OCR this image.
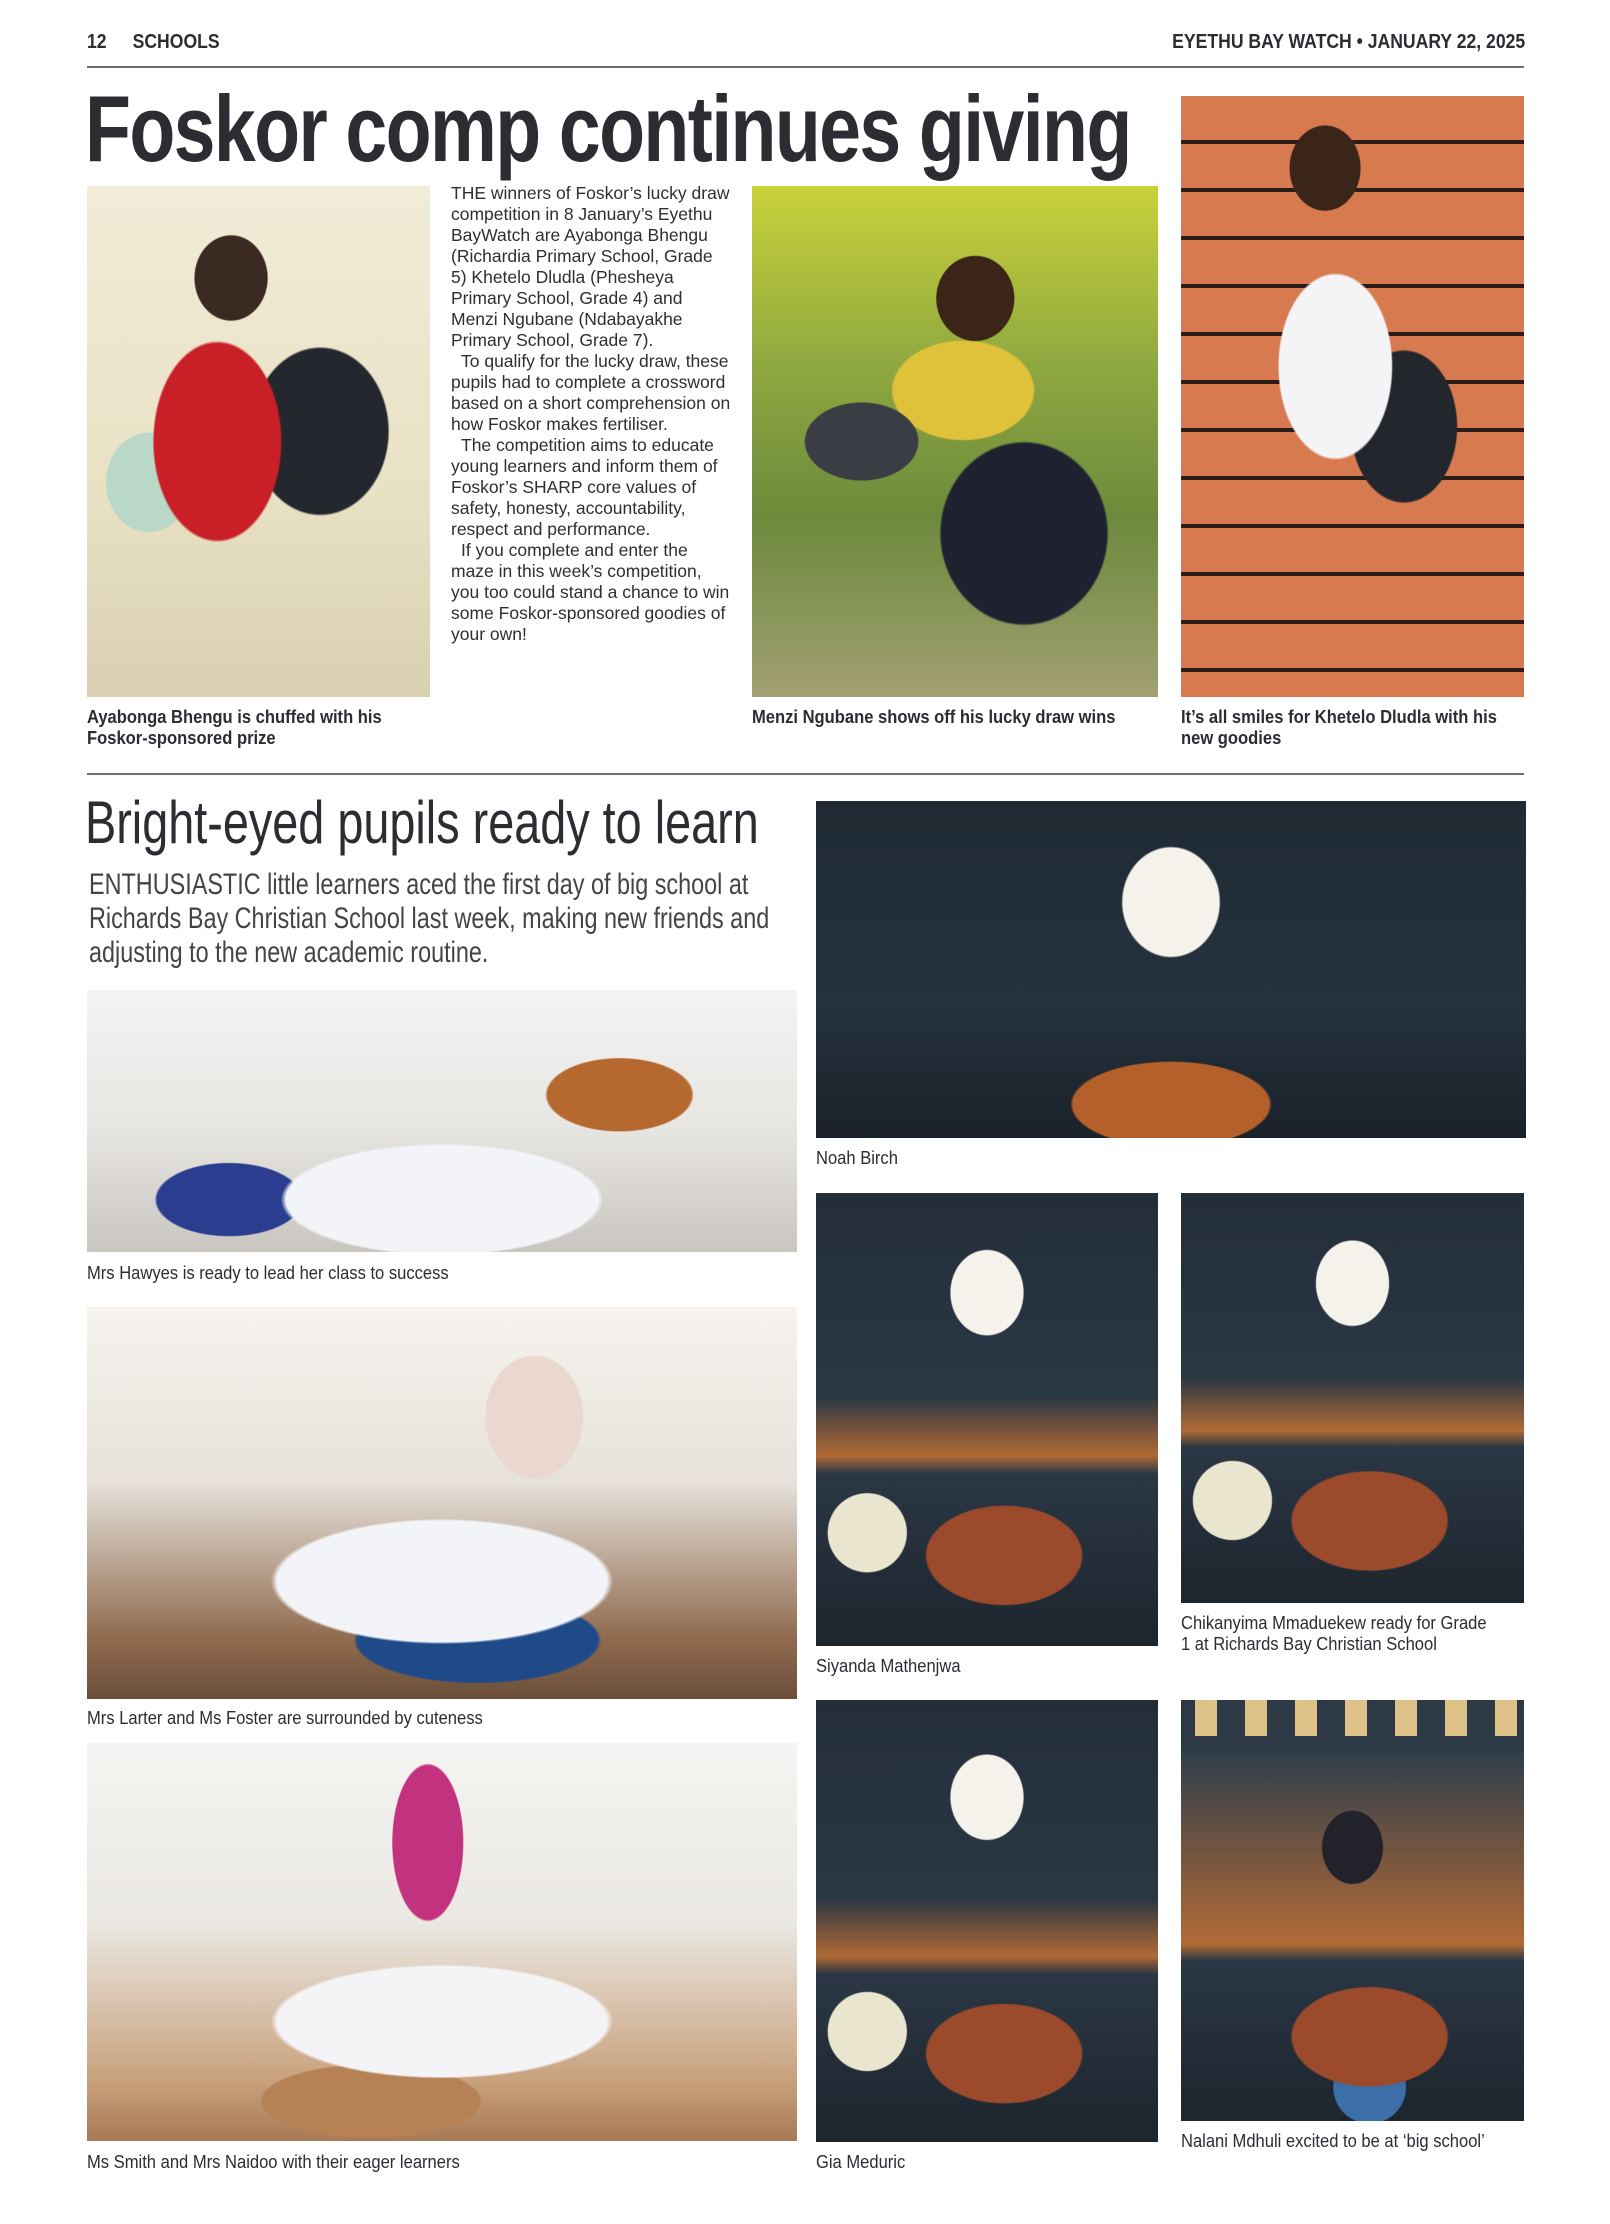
12 SCHOOLS	EYETHU BAY WATCH • JANUARY 22, 2025
Foskor comp continues giving
Ayabonga Bhengu is chuffed with his Foskor-sponsored prize

THE winners of Foskor’s lucky draw competition in 8 January’s Eyethu BayWatch are Ayabonga Bhengu (Richardia Primary School, Grade 5) Khetelo Dludla (Phesheya Primary School, Grade 4) and Menzi Ngubane (Ndabayakhe Primary School, Grade 7).

To qualify for the lucky draw, these pupils had to complete a crossword based on a short comprehension on how Foskor makes fertiliser.

The competition aims to educate young learners and inform them of Foskor’s SHARP core values of safety, honesty, accountability, respect and performance.

If you complete and enter the maze in this week’s competition, you too could stand a chance to win some Foskor-sponsored goodies of your own!

Menzi Ngubane shows off his lucky draw wins	It’s all smiles for Khetelo Dludla with his new goodies
Bright-eyed pupils ready to learn
ENTHUSIASTIC little learners aced the first day of big school at Richards Bay Christian School last week, making new friends and adjusting to the new academic routine.
Mrs Hawyes is ready to lead her class to success
Mrs Larter and Ms Foster are surrounded by cuteness
Ms Smith and Mrs Naidoo with their eager learners
Noah Birch
Siyanda Mathenjwa
Chikanyima Mmaduekew ready for Grade 1 at Richards Bay Christian School
Gia Meduric
Nalani Mdhuli excited to be at ‘big school’
